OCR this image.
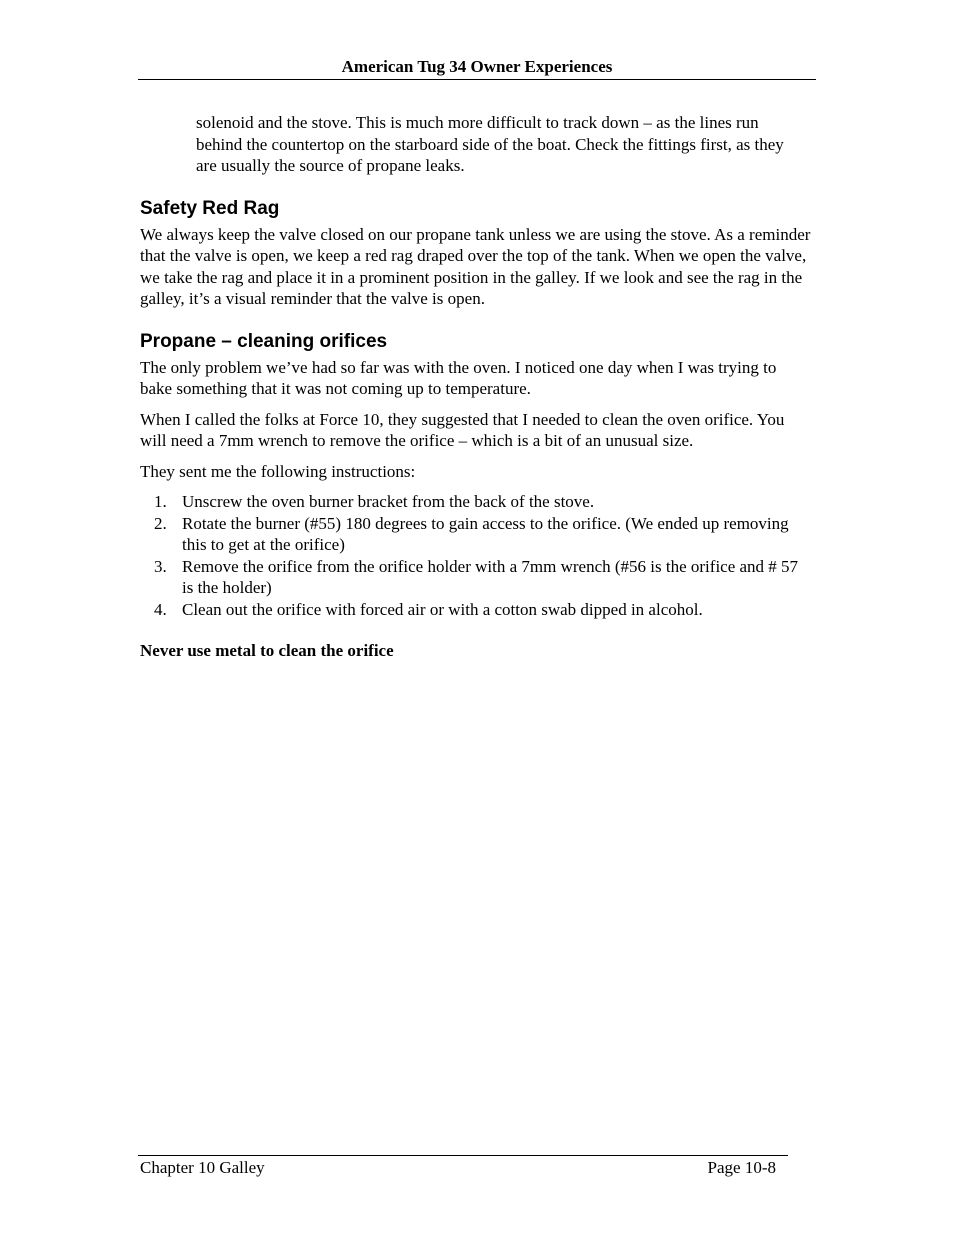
American Tug 34 Owner Experiences

solenoid and the stove. This is much more difficult to track down – as the lines run behind the countertop on the starboard side of the boat. Check the fittings first, as they are usually the source of propane leaks.

Safety Red Rag

We always keep the valve closed on our propane tank unless we are using the stove. As a reminder that the valve is open, we keep a red rag draped over the top of the tank. When we open the valve, we take the rag and place it in a prominent position in the galley. If we look and see the rag in the galley, it’s a visual reminder that the valve is open.

Propane – cleaning orifices

The only problem we’ve had so far was with the oven. I noticed one day when I was trying to bake something that it was not coming up to temperature.

When I called the folks at Force 10, they suggested that I needed to clean the oven orifice. You will need a 7mm wrench to remove the orifice – which is a bit of an unusual size.

They sent me the following instructions:

1. Unscrew the oven burner bracket from the back of the stove.
2. Rotate the burner (#55) 180 degrees to gain access to the orifice. (We ended up removing this to get at the orifice)
3. Remove the orifice from the orifice holder with a 7mm wrench (#56 is the orifice and # 57 is the holder)
4. Clean out the orifice with forced air or with a cotton swab dipped in alcohol.

Never use metal to clean the orifice

Chapter 10 Galley	Page 10-8
